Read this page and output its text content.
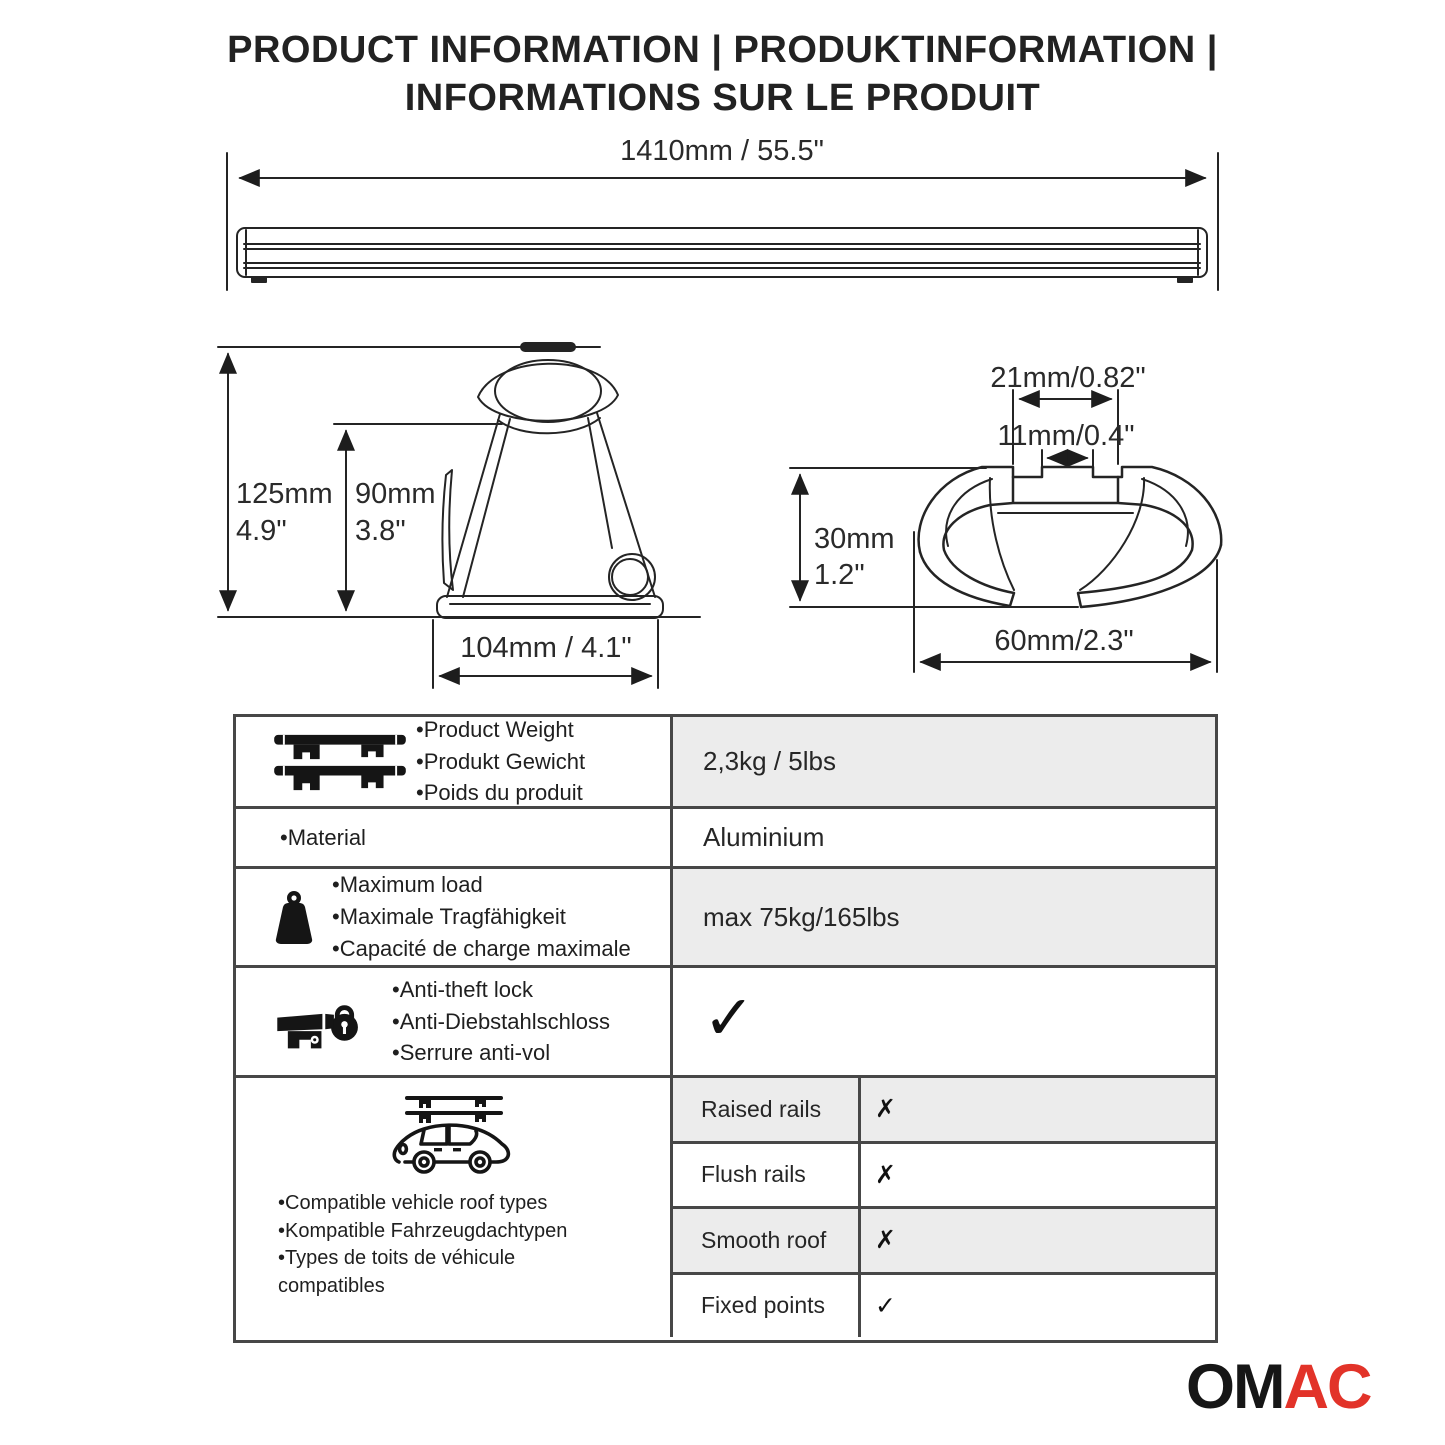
PRODUCT INFORMATION | PRODUKTINFORMATION |
INFORMATIONS SUR LE PRODUIT
1410mm / 55.5"
125mm
4.9"
90mm
3.8"
104mm / 4.1"
21mm/0.82"
11mm/0.4"
30mm
1.2"
60mm/2.3"
•Product Weight
•Produkt Gewicht
•Poids du produit
2,3kg / 5lbs
•Material	Aluminium
•Maximum load
•Maximale Tragfähigkeit
•Capacité de charge maximale
max 75kg/165lbs
•Anti-theft lock
•Anti-Diebstahlschloss
•Serrure anti-vol	✓
•Compatible vehicle roof types
•Kompatible Fahrzeugdachtypen
•Types de toits de véhicule
compatibles
Raised rails	✗
Flush rails	✗
Smooth roof	✗
Fixed points	✓
OMAC
